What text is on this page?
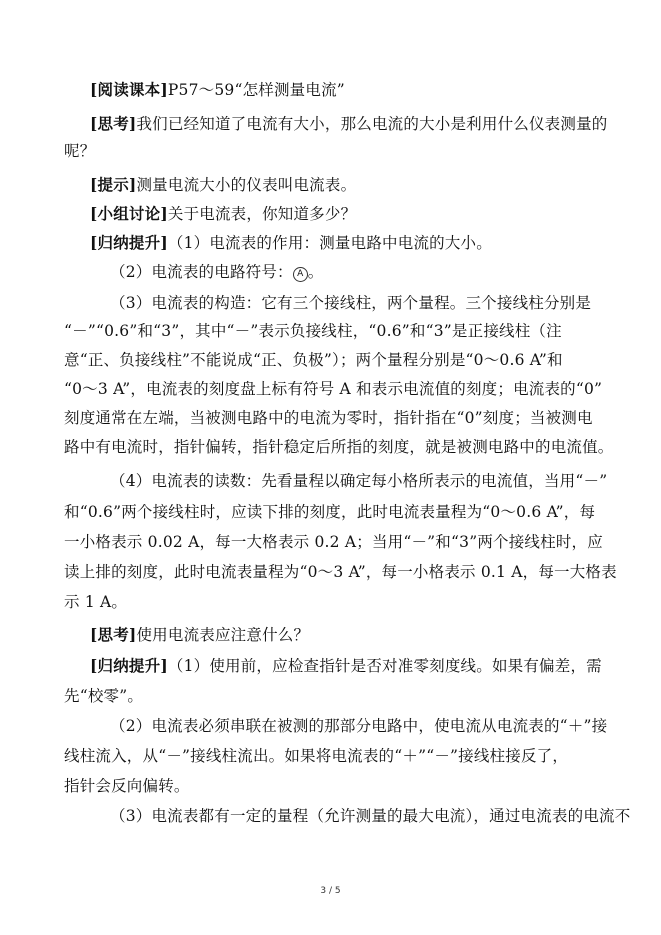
[阅读课本]P57～59“怎样测量电流”
[思考]我们已经知道了电流有大小，那么电流的大小是利用什么仪表测量的
呢？
[提示]测量电流大小的仪表叫电流表。
[小组讨论]关于电流表，你知道多少？
[归纳提升]（1）电流表的作用：测量电路中电流的大小。
（2）电流表的电路符号： A 。
（3）电流表的构造：它有三个接线柱，两个量程。三个接线柱分别是
“－”“0.6”和“3”，其中“－”表示负接线柱，“0.6”和“3”是正接线柱（注
意“正、负接线柱”不能说成“正、负极”）；两个量程分别是“0～0.6 A”和
“0～3 A”，电流表的刻度盘上标有符号 A 和表示电流值的刻度；电流表的“0”
刻度通常在左端，当被测电路中的电流为零时，指针指在“0”刻度；当被测电
路中有电流时，指针偏转，指针稳定后所指的刻度，就是被测电路中的电流值。
（4）电流表的读数：先看量程以确定每小格所表示的电流值，当用“－”
和“0.6”两个接线柱时，应读下排的刻度，此时电流表量程为“0～0.6 A”，每
一小格表示 0.02 A，每一大格表示 0.2 A；当用“－”和“3”两个接线柱时，应
读上排的刻度，此时电流表量程为“0～3 A”，每一小格表示 0.1 A，每一大格表
示 1 A。
[思考]使用电流表应注意什么？
[归纳提升]（1）使用前，应检查指针是否对准零刻度线。如果有偏差，需
先“校零”。
（2）电流表必须串联在被测的那部分电路中，使电流从电流表的“＋”接
线柱流入，从“－”接线柱流出。如果将电流表的“＋”“－”接线柱接反了，
指针会反向偏转。
（3）电流表都有一定的量程（允许测量的最大电流），通过电流表的电流不
3 / 5
